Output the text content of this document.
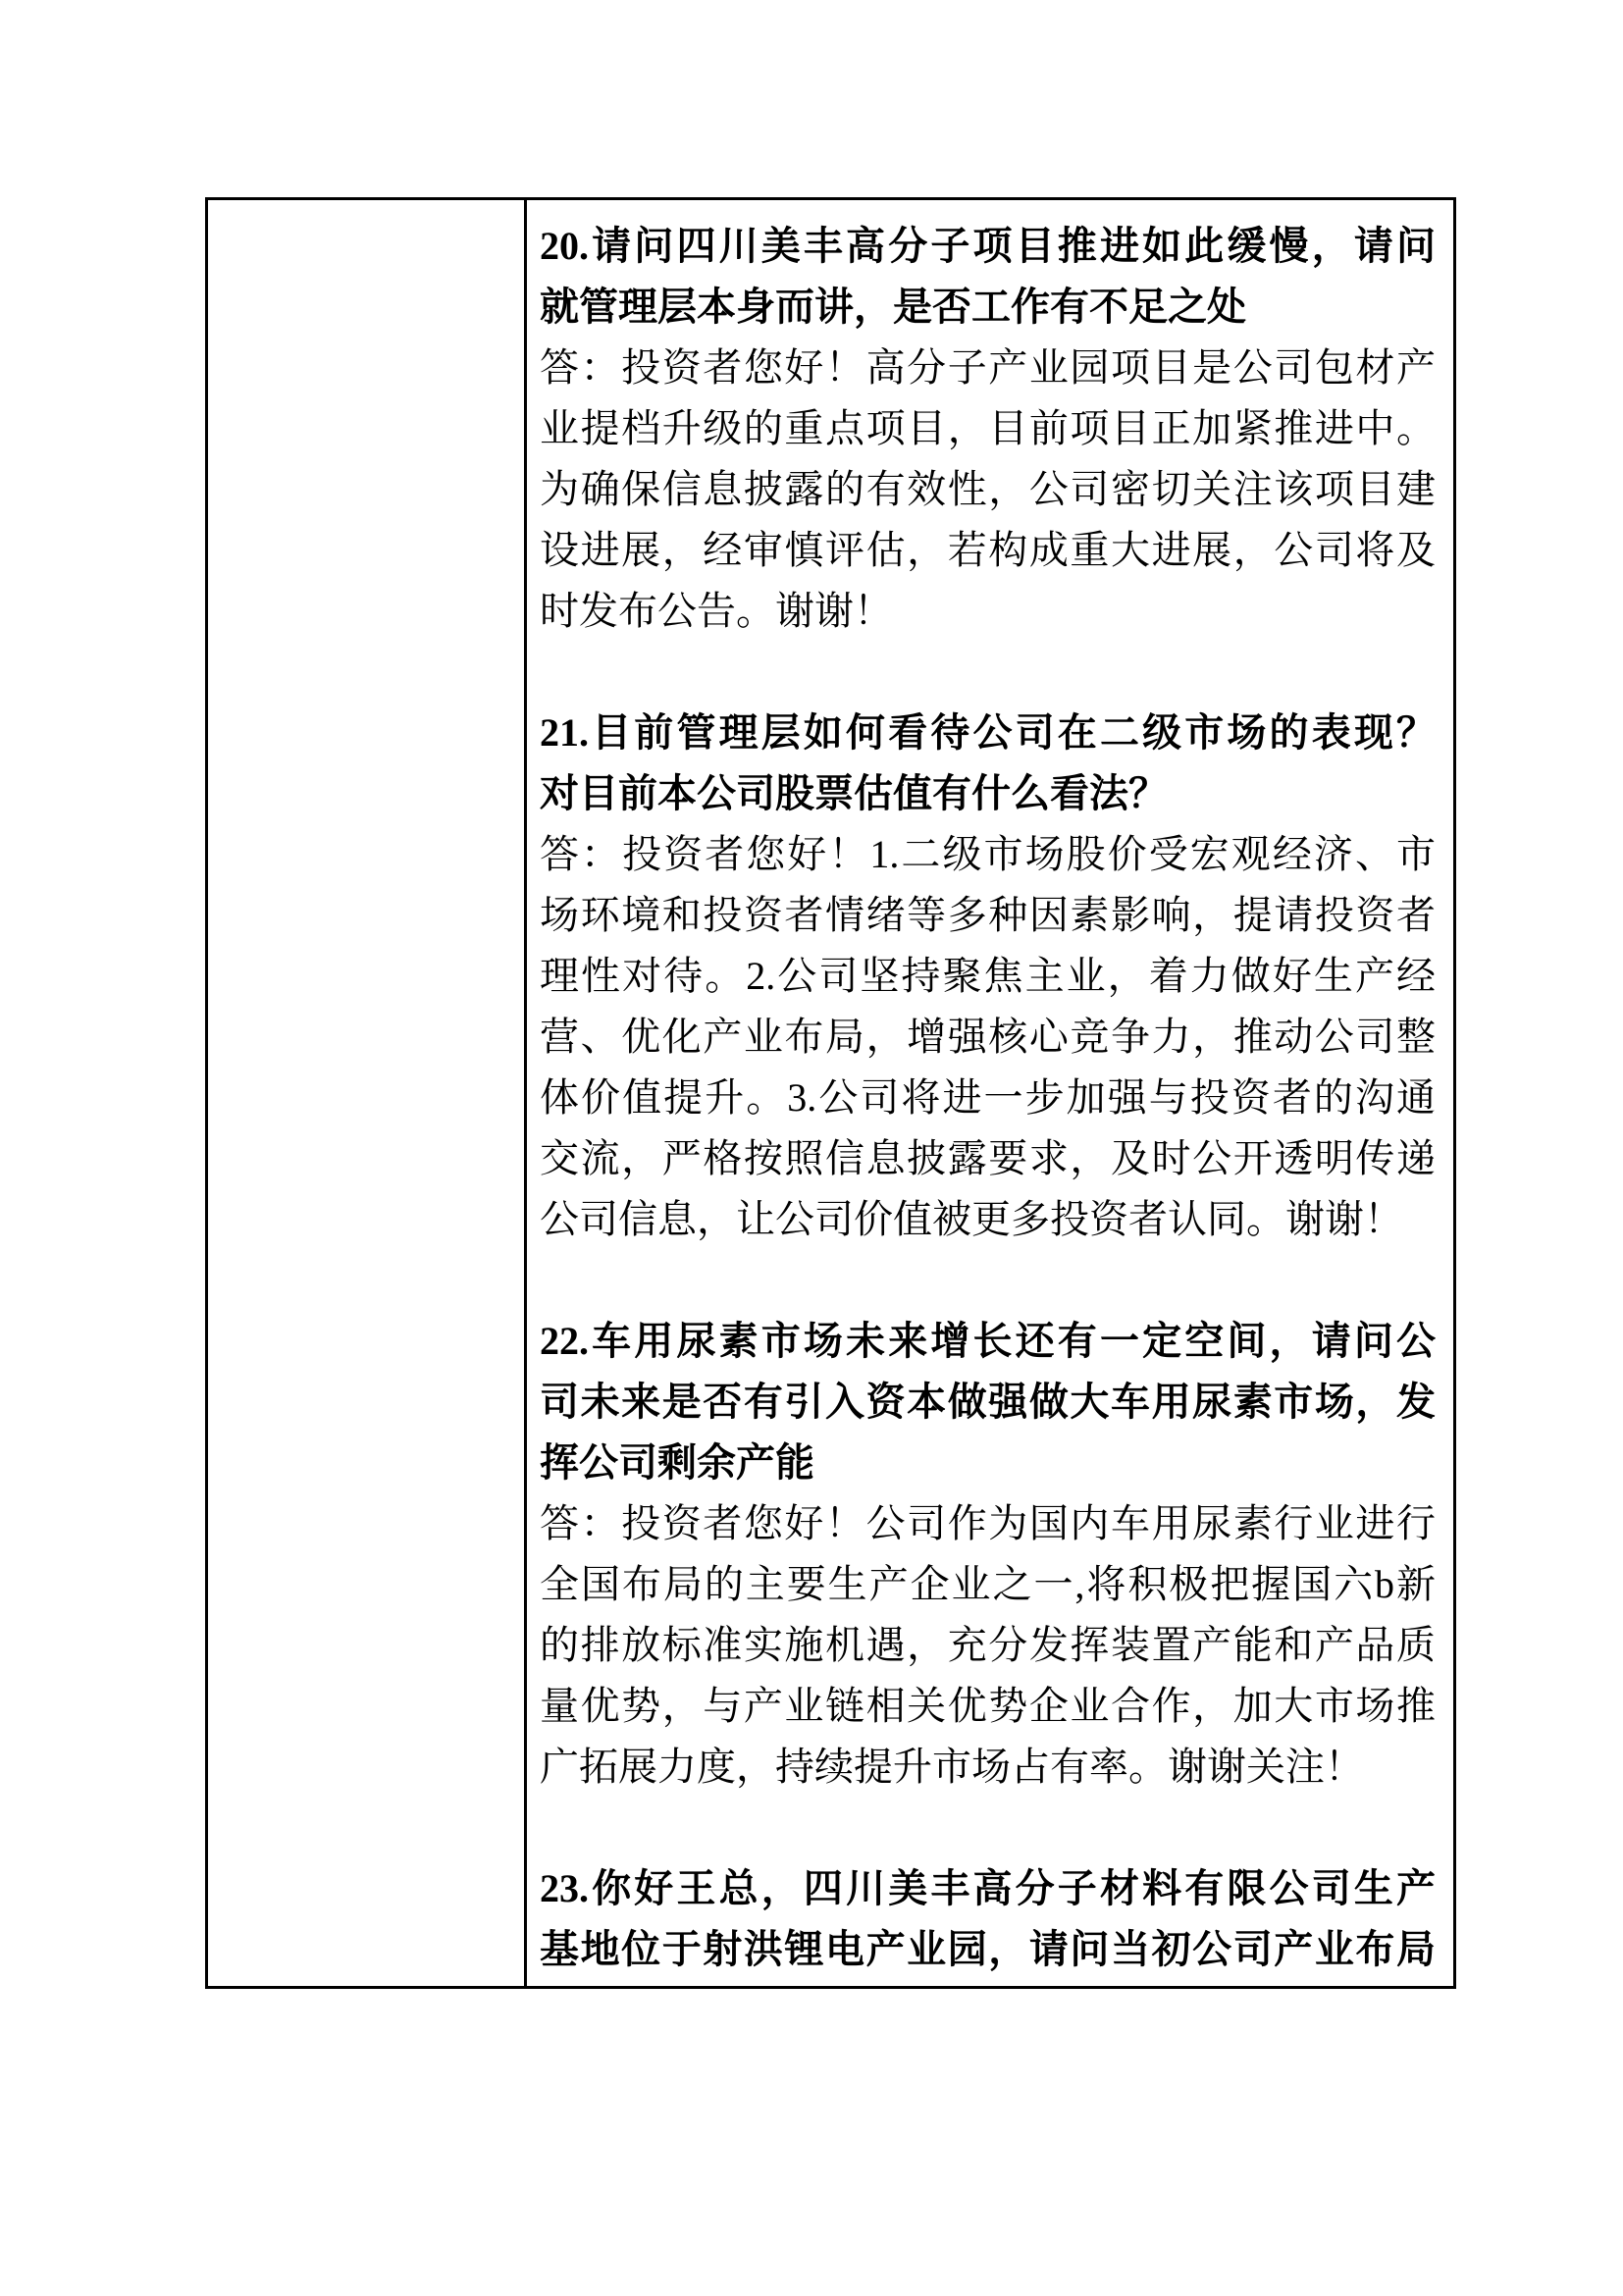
20.请问四川美丰高分子项目推进如此缓慢，请问
就管理层本身而讲，是否工作有不足之处
答：投资者您好！高分子产业园项目是公司包材产
业提档升级的重点项目，目前项目正加紧推进中。
为确保信息披露的有效性，公司密切关注该项目建
设进展，经审慎评估，若构成重大进展，公司将及
时发布公告。谢谢！
21.目前管理层如何看待公司在二级市场的表现？
对目前本公司股票估值有什么看法？
答：投资者您好！1.二级市场股价受宏观经济、市
场环境和投资者情绪等多种因素影响，提请投资者
理性对待。2.公司坚持聚焦主业，着力做好生产经
营、优化产业布局，增强核心竞争力，推动公司整
体价值提升。3.公司将进一步加强与投资者的沟通
交流，严格按照信息披露要求，及时公开透明传递
公司信息，让公司价值被更多投资者认同。谢谢！
22.车用尿素市场未来增长还有一定空间，请问公
司未来是否有引入资本做强做大车用尿素市场，发
挥公司剩余产能
答：投资者您好！公司作为国内车用尿素行业进行
全国布局的主要生产企业之一,将积极把握国六b新
的排放标准实施机遇，充分发挥装置产能和产品质
量优势，与产业链相关优势企业合作，加大市场推
广拓展力度，持续提升市场占有率。谢谢关注！
23.你好王总，四川美丰高分子材料有限公司生产
基地位于射洪锂电产业园，请问当初公司产业布局
